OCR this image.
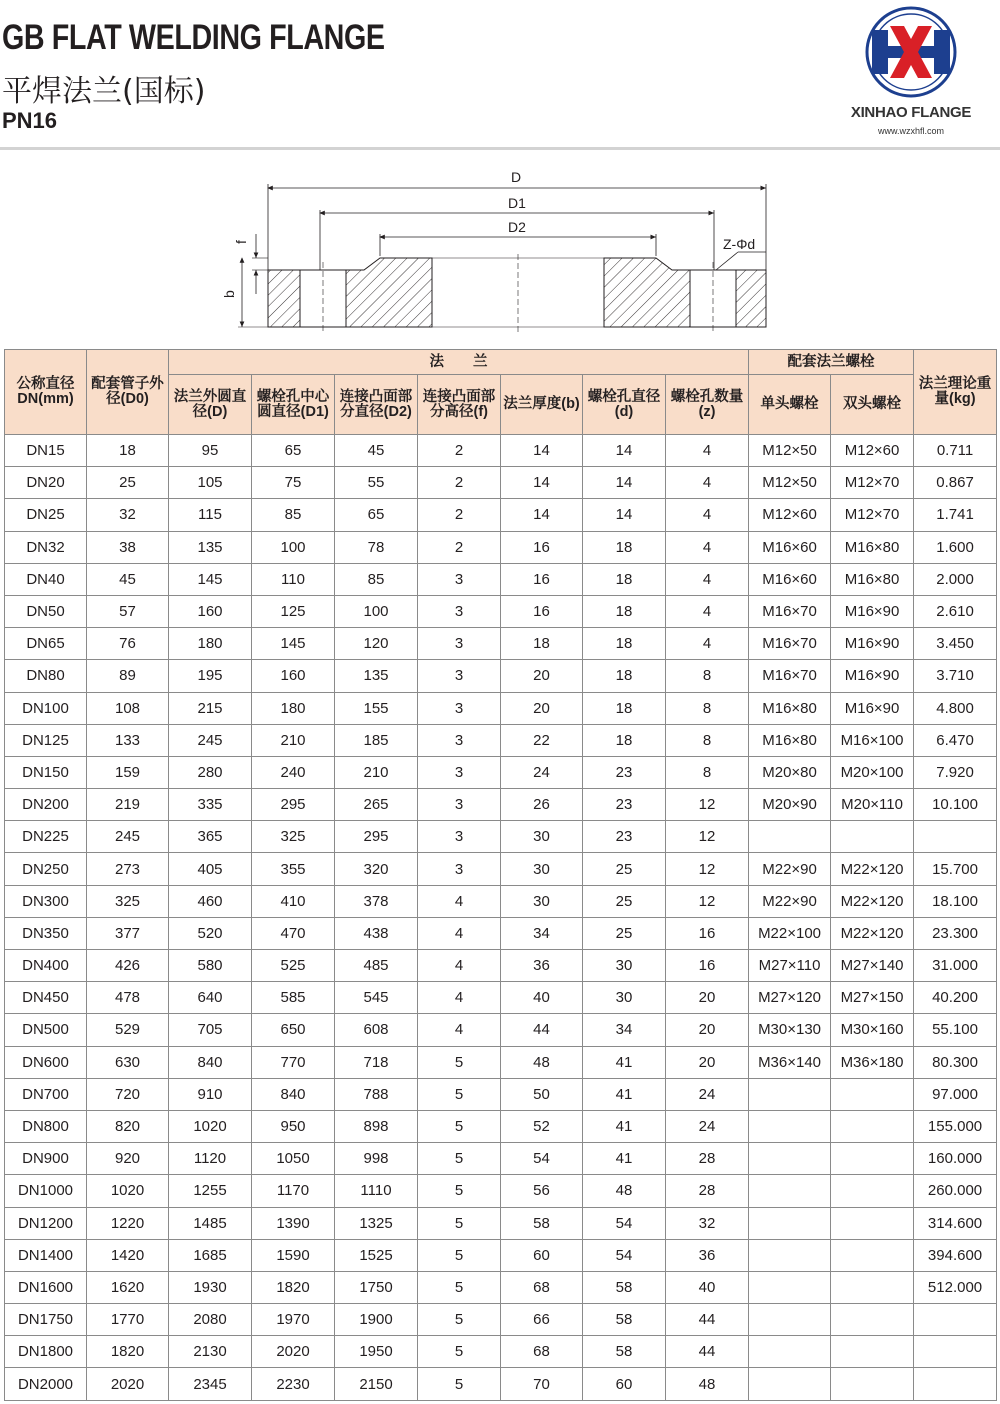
GB FLAT WELDING FLANGE
平焊法兰(国标)
PN16	XINHAO FLANGE
www.wzxhfl.com
D
D1
D2
Z-Φd
f
b
公称直径DN(mm)	配套管子外径(D0)	法　　兰							配套法兰螺栓		法兰理论重量(kg)
		法兰外圆直径(D)	螺栓孔中心圆直径(D1)	连接凸面部分直径(D2)	连接凸面部分高径(f)	法兰厚度(b)	螺栓孔直径(d)	螺栓孔数量(z)	单头螺栓	双头螺栓	
DN15	18	95	65	45	2	14	14	4	M12×50	M12×60	0.711
DN20	25	105	75	55	2	14	14	4	M12×50	M12×70	0.867
DN25	32	115	85	65	2	14	14	4	M12×60	M12×70	1.741
DN32	38	135	100	78	2	16	18	4	M16×60	M16×80	1.600
DN40	45	145	110	85	3	16	18	4	M16×60	M16×80	2.000
DN50	57	160	125	100	3	16	18	4	M16×70	M16×90	2.610
DN65	76	180	145	120	3	18	18	4	M16×70	M16×90	3.450
DN80	89	195	160	135	3	20	18	8	M16×70	M16×90	3.710
DN100	108	215	180	155	3	20	18	8	M16×80	M16×90	4.800
DN125	133	245	210	185	3	22	18	8	M16×80	M16×100	6.470
DN150	159	280	240	210	3	24	23	8	M20×80	M20×100	7.920
DN200	219	335	295	265	3	26	23	12	M20×90	M20×110	10.100
DN225	245	365	325	295	3	30	23	12			
DN250	273	405	355	320	3	30	25	12	M22×90	M22×120	15.700
DN300	325	460	410	378	4	30	25	12	M22×90	M22×120	18.100
DN350	377	520	470	438	4	34	25	16	M22×100	M22×120	23.300
DN400	426	580	525	485	4	36	30	16	M27×110	M27×140	31.000
DN450	478	640	585	545	4	40	30	20	M27×120	M27×150	40.200
DN500	529	705	650	608	4	44	34	20	M30×130	M30×160	55.100
DN600	630	840	770	718	5	48	41	20	M36×140	M36×180	80.300
DN700	720	910	840	788	5	50	41	24			97.000
DN800	820	1020	950	898	5	52	41	24			155.000
DN900	920	1120	1050	998	5	54	41	28			160.000
DN1000	1020	1255	1170	1110	5	56	48	28			260.000
DN1200	1220	1485	1390	1325	5	58	54	32			314.600
DN1400	1420	1685	1590	1525	5	60	54	36			394.600
DN1600	1620	1930	1820	1750	5	68	58	40			512.000
DN1750	1770	2080	1970	1900	5	66	58	44			
DN1800	1820	2130	2020	1950	5	68	58	44			
DN2000	2020	2345	2230	2150	5	70	60	48			
